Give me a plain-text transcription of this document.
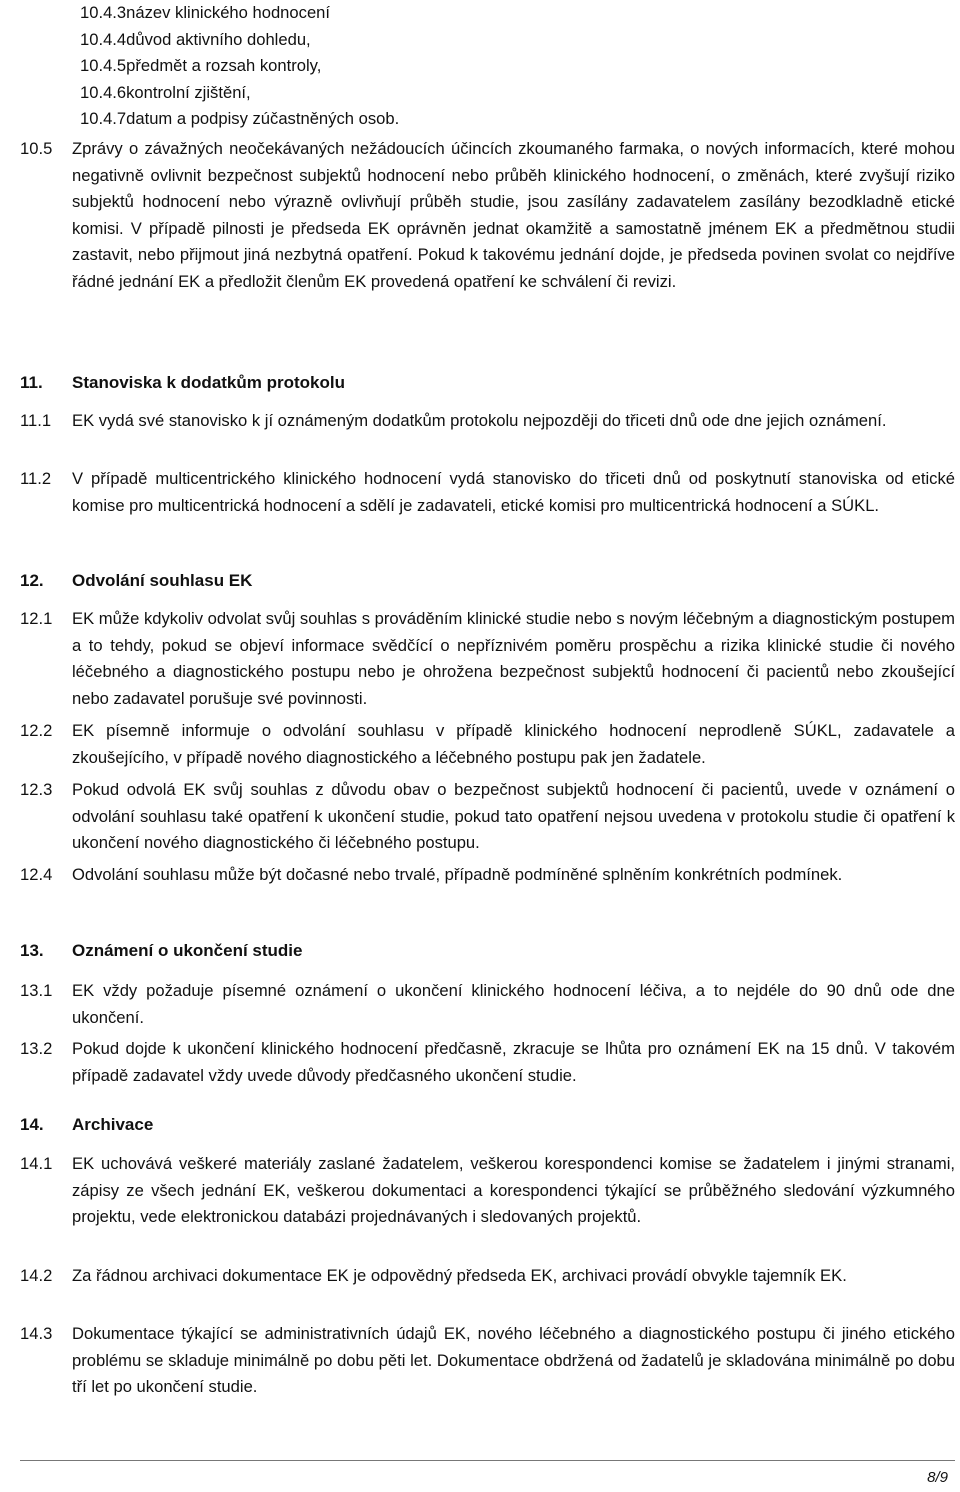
10.4.3název klinického hodnocení
10.4.4důvod aktivního dohledu,
10.4.5předmět a rozsah kontroly,
10.4.6kontrolní zjištění,
10.4.7datum a podpisy zúčastněných osob.
10.5	Zprávy o závažných neočekávaných nežádoucích účincích zkoumaného farmaka, o nových informacích, které mohou negativně ovlivnit bezpečnost subjektů hodnocení nebo průběh klinického hodnocení, o změnách, které zvyšují riziko subjektů hodnocení nebo výrazně ovlivňují průběh studie, jsou zasílány zadavatelem zasílány bezodkladně etické komisi. V případě pilnosti je předseda EK oprávněn jednat okamžitě a samostatně jménem EK a předmětnou studii zastavit, nebo přijmout jiná nezbytná opatření. Pokud k takovému jednání dojde, je předseda povinen svolat co nejdříve řádné jednání EK a předložit členům EK provedená opatření ke schválení či revizi.
11. Stanoviska k dodatkům protokolu
11.1	EK vydá své stanovisko k jí oznámeným dodatkům protokolu nejpozději do třiceti dnů ode dne jejich oznámení.
11.2	V případě multicentrického klinického hodnocení vydá stanovisko do třiceti dnů od poskytnutí stanoviska od etické komise pro multicentrická hodnocení a sdělí je zadavateli, etické komisi pro multicentrická hodnocení a SÚKL.
12. Odvolání souhlasu EK
12.1	EK může kdykoliv odvolat svůj souhlas s prováděním klinické studie nebo s novým léčebným a diagnostickým postupem a to tehdy, pokud se objeví informace svědčící o nepříznivém poměru prospěchu a rizika klinické studie či nového léčebného a diagnostického postupu nebo je ohrožena bezpečnost subjektů hodnocení či pacientů nebo zkoušející nebo zadavatel porušuje své povinnosti.
12.2	EK písemně informuje o odvolání souhlasu v případě klinického hodnocení neprodleně SÚKL, zadavatele a zkoušejícího, v případě nového diagnostického a léčebného postupu pak jen žadatele.
12.3	Pokud odvolá EK svůj souhlas z důvodu obav o bezpečnost subjektů hodnocení či pacientů, uvede v oznámení o odvolání souhlasu také opatření k ukončení studie, pokud tato opatření nejsou uvedena v protokolu studie či opatření k ukončení nového diagnostického či léčebného postupu.
12.4	Odvolání souhlasu může být dočasné nebo trvalé, případně podmíněné splněním konkrétních podmínek.
13. Oznámení o ukončení studie
13.1	EK vždy požaduje písemné oznámení o ukončení klinického hodnocení léčiva, a to nejdéle do 90 dnů ode dne ukončení.
13.2	Pokud dojde k ukončení klinického hodnocení předčasně, zkracuje se lhůta pro oznámení EK na 15 dnů. V takovém případě zadavatel vždy uvede důvody předčasného ukončení studie.
14. Archivace
14.1	EK uchovává veškeré materiály zaslané žadatelem, veškerou korespondenci komise se žadatelem i jinými stranami, zápisy ze všech jednání EK, veškerou dokumentaci a korespondenci týkající se průběžného sledování výzkumného projektu, vede elektronickou databázi projednávaných i sledovaných projektů.
14.2	Za řádnou archivaci dokumentace EK je odpovědný předseda EK, archivaci provádí obvykle tajemník EK.
14.3	Dokumentace týkající se administrativních údajů EK, nového léčebného a diagnostického postupu či jiného etického problému se skladuje minimálně po dobu pěti let. Dokumentace obdržená od žadatelů je skladována minimálně po dobu tří let po ukončení studie.
8/9
